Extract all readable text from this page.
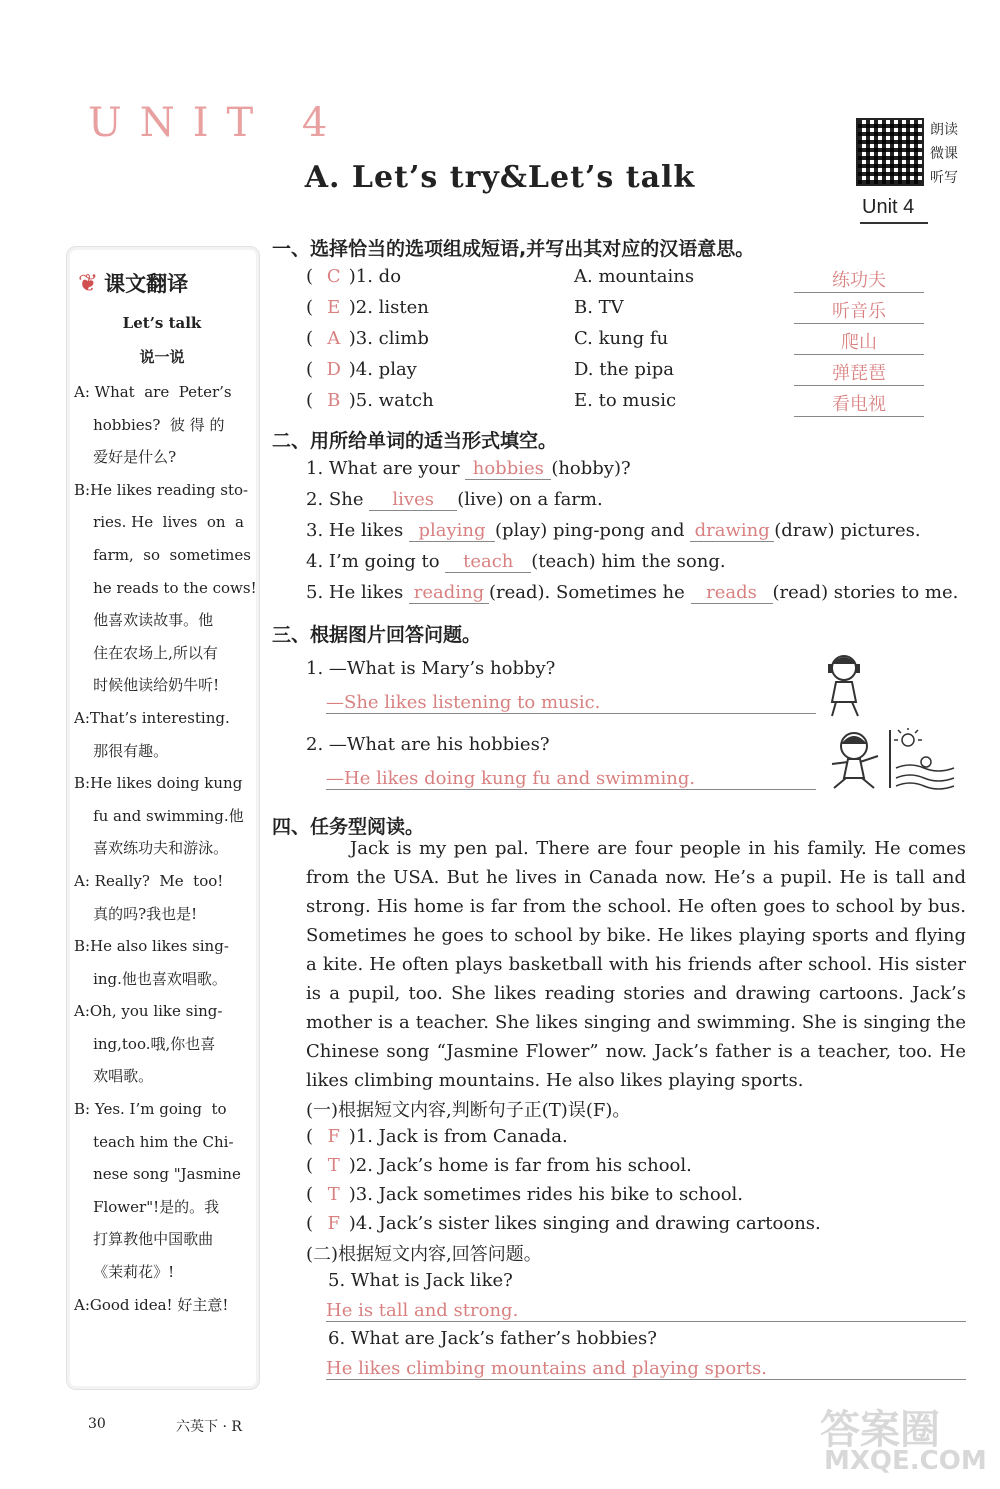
UNIT 4
A. Let’s try&Let’s talk
朗读
微课
听写
Unit 4
❦ 课文翻译
Let’s talk
说一说
A: What  are  Peter’s
hobbies?  彼 得 的
爱好是什么?
B:He likes reading sto-
ries. He  lives  on  a
farm,  so  sometimes
he reads to the cows!
他喜欢读故事。他
住在农场上,所以有
时候他读给奶牛听!
A:That’s interesting.
那很有趣。
B:He likes doing kung
fu and swimming.他
喜欢练功夫和游泳。
A: Really?  Me  too!
真的吗?我也是!
B:He also likes sing-
ing.他也喜欢唱歌。
A:Oh, you like sing-
ing,too.哦,你也喜
欢唱歌。
B: Yes. I’m going  to
teach him the Chi-
nese song "Jasmine
Flower"!是的。我
打算教他中国歌曲
《茉莉花》!
A:Good idea! 好主意!
一、选择恰当的选项组成短语,并写出其对应的汉语意思。
( C )1. do	A. mountains	练功夫
( E )2. listen	B. TV	听音乐
( A )3. climb	C. kung fu	爬山
( D )4. play	D. the pipa	弹琵琶
( B )5. watch	E. to music	看电视
二、用所给单词的适当形式填空。
1. What are your hobbies (hobby)?
2. She lives (live) on a farm.
3. He likes playing (play) ping-pong and drawing (draw) pictures.
4. I’m going to teach (teach) him the song.
5. He likes reading (read). Sometimes he reads (read) stories to me.
三、根据图片回答问题。
1. —What is Mary’s hobby?
—She likes listening to music.
2. —What are his hobbies?
—He likes doing kung fu and swimming.
四、任务型阅读。

Jack is my pen pal. There are four people in his family. He comes from the USA. But he lives in Canada now. He’s a pupil. He is tall and strong. His home is far from the school. He often goes to school by bus. Sometimes he goes to school by bike. He likes playing sports and flying a kite. He often plays basketball with his friends after school. His sister is a pupil, too. She likes reading stories and drawing cartoons. Jack’s mother is a teacher. She likes singing and swimming. She is singing the Chinese song “Jasmine Flower” now. Jack’s father is a teacher, too. He likes climbing mountains. He also likes playing sports.

(一)根据短文内容,判断句子正(T)误(F)。
( F )1. Jack is from Canada.
( T )2. Jack’s home is far from his school.
( T )3. Jack sometimes rides his bike to school.
( F )4. Jack’s sister likes singing and drawing cartoons.
(二)根据短文内容,回答问题。
5. What is Jack like?
He is tall and strong.
6. What are Jack’s father’s hobbies?
He likes climbing mountains and playing sports.
30	六英下 · R	答案圈
MXQE.COM
